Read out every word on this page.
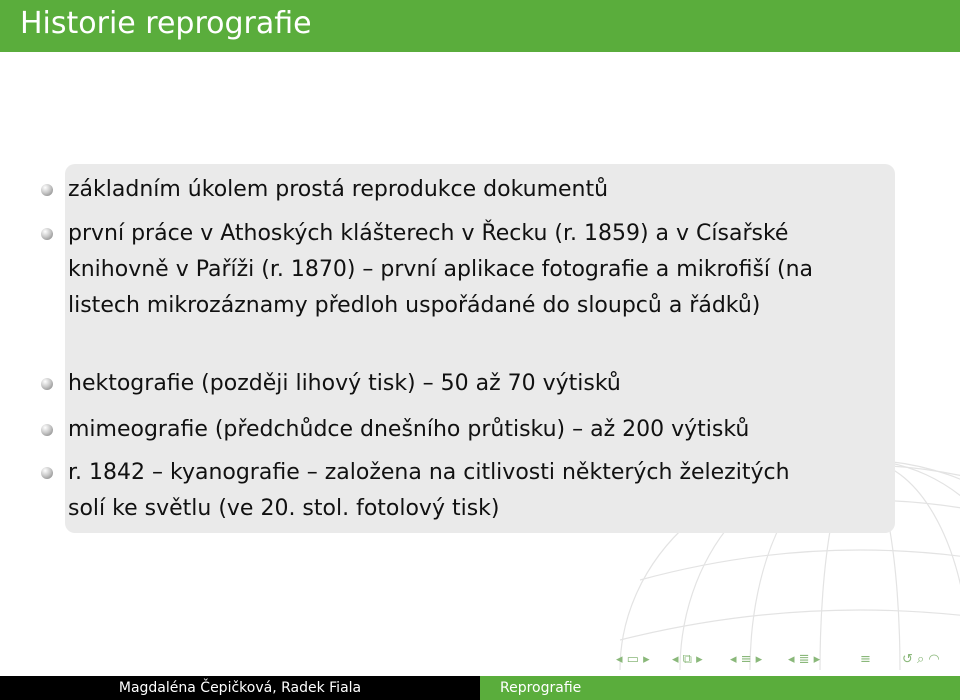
Historie reprografie
základním úkolem prostá reprodukce dokumentů
první práce v Athoských klášterech v Řecku (r. 1859) a v Císařské knihovně v Paříži (r. 1870) – první aplikace fotografie a mikrofiší (na listech mikrozáznamy předloh uspořádané do sloupců a řádků)
hektografie (později lihový tisk) – 50 až 70 výtisků
mimeografie (předchůdce dnešního průtisku) – až 200 výtisků
r. 1842 – kyanografie – založena na citlivosti některých železitých solí ke světlu (ve 20. stol. fotolový tisk)
◂ ▭ ▸ ◂ ⧉ ▸ ◂ ≡ ▸ ◂ ≣ ▸	≡ ↺ ⌕ ◠
Magdaléna Čepičková, Radek Fiala	Reprografie
